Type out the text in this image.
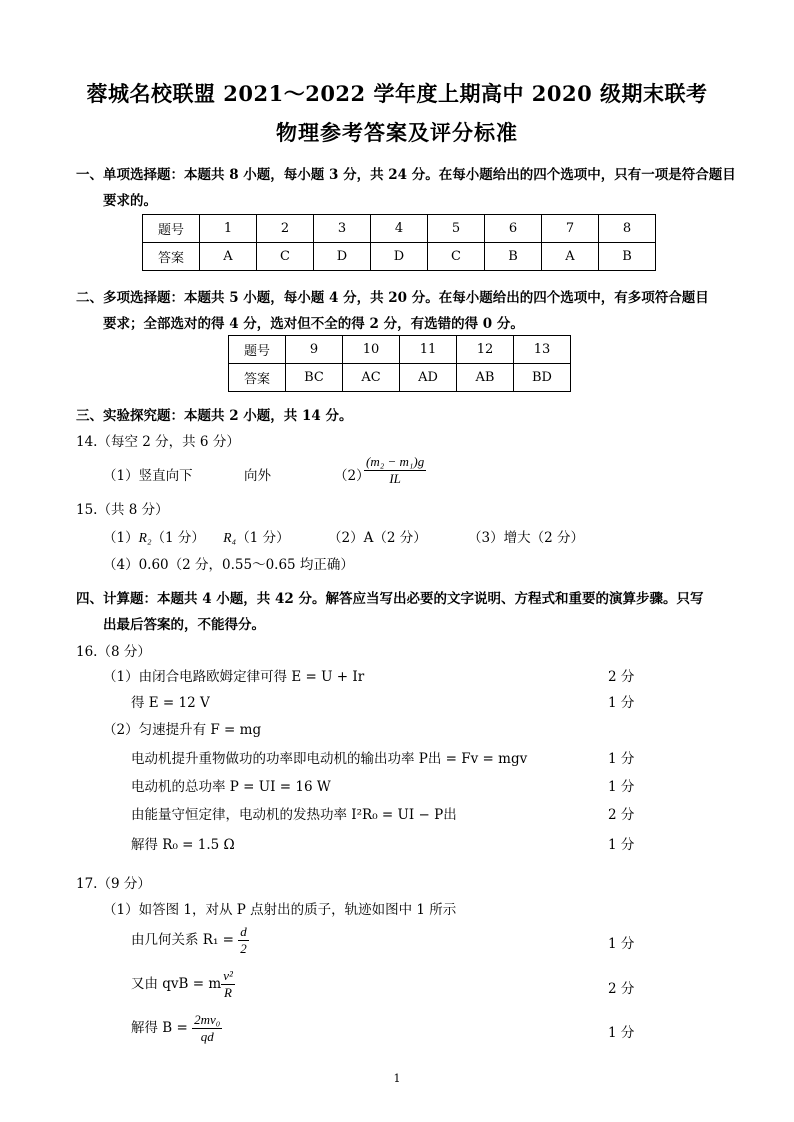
蓉城名校联盟 2021～2022 学年度上期高中 2020 级期末联考
物理参考答案及评分标准
一、单项选择题：本题共 8 小题，每小题 3 分，共 24 分。在每小题给出的四个选项中，只有一项是符合题目
要求的。
题号	1	2	3	4	5	6	7	8
答案	A	C	D	D	C	B	A	B
二、多项选择题：本题共 5 小题，每小题 4 分，共 20 分。在每小题给出的四个选项中，有多项符合题目
要求；全部选对的得 4 分，选对但不全的得 2 分，有选错的得 0 分。
题号	9	10	11	12	13
答案	BC	AC	AD	AB	BD
三、实验探究题：本题共 2 小题，共 14 分。
14.（每空 2 分，共 6 分）
（1）竖直向下	向外	（2）
$\frac{\text{(m₂ − m₁)g}}{IL}$
15.（共 8 分）
（1）R₂（1 分） R₄（1 分）	（2）A（2 分）	（3）增大（2 分）
（4）0.60（2 分，0.55～0.65 均正确）
四、计算题：本题共 4 小题，共 42 分。解答应当写出必要的文字说明、方程式和重要的演算步骤。只写
出最后答案的，不能得分。
16.（8 分）
（1）由闭合电路欧姆定律可得 E = U + Ir	2 分
得 E = 12 V	1 分
（2）匀速提升有 F = mg
电动机提升重物做功的功率即电动机的输出功率 P出 = Fv = mgv	1 分
电动机的总功率 P = UI = 16 W	1 分
由能量守恒定律，电动机的发热功率 I²R₀ = UI − P出	2 分
解得 R₀ = 1.5 Ω	1 分
17.（9 分）
（1）如答图 1，对从 P 点射出的质子，轨迹如图中 1 所示
由几何关系 $R_1 = \frac{d}{2}$	1 分
又由 qvB = m $\frac{\text{v²}}{R}$	2 分
解得 $B = \frac{\text{2mv₀}}{qd}$	1 分
1
